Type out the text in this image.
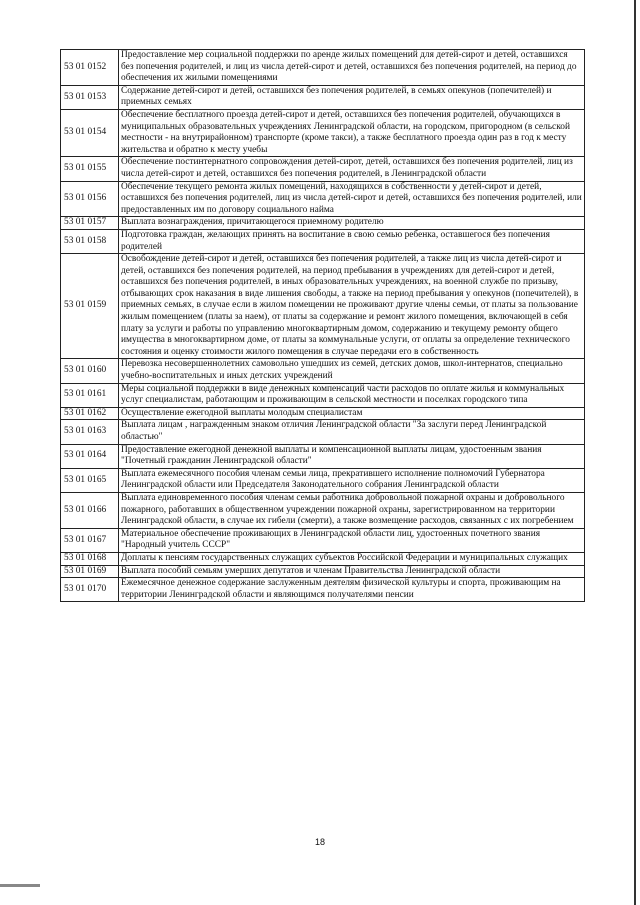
53 01 0152	Предоставление мер социальной поддержки по аренде жилых помещений для детей-сирот и детей, оставшихся без попечения родителей, и лиц из числа детей-сирот и детей, оставшихся без попечения родителей, на период до обеспечения их жилыми помещениями
53 01 0153	Содержание детей-сирот и детей, оставшихся без попечения родителей, в семьях опекунов (попечителей) и приемных семьях
53 01 0154	Обеспечение бесплатного проезда детей-сирот и детей, оставшихся без попечения родителей, обучающихся в муниципальных образовательных учреждениях Ленинградской области, на городском, пригородном (в сельской местности - на внутрирайонном) транспорте (кроме такси), а также бесплатного проезда один раз в год к месту жительства и обратно к месту учебы
53 01 0155	Обеспечение постинтернатного сопровождения детей-сирот, детей, оставшихся без попечения родителей, лиц из числа детей-сирот и детей, оставшихся без попечения родителей, в Ленинградской области
53 01 0156	Обеспечение текущего ремонта жилых помещений, находящихся в собственности у детей-сирот и детей, оставшихся без попечения родителей, лиц из числа детей-сирот и детей, оставшихся без попечения родителей, или предоставленных им по договору социального найма
53 01 0157	Выплата вознаграждения, причитающегося приемному родителю
53 01 0158	Подготовка граждан, желающих принять на воспитание в свою семью ребенка, оставшегося без попечения родителей
53 01 0159	Освобождение детей-сирот и детей, оставшихся без попечения родителей, а также лиц из числа детей-сирот и детей, оставшихся без попечения родителей, на период пребывания в учреждениях для детей-сирот и детей, оставшихся без попечения родителей, в иных образовательных учреждениях, на военной службе по призыву, отбывающих срок наказания в виде лишения свободы, а также на период пребывания у опекунов (попечителей), в приемных семьях, в случае если в жилом помещении не проживают другие члены семьи, от платы за пользование жилым помещением (платы за наем), от платы за содержание и ремонт жилого помещения, включающей в себя плату за услуги и работы по управлению многоквартирным домом, содержанию и текущему ремонту общего имущества в многоквартирном доме, от платы за коммунальные услуги, от оплаты за определение технического состояния и оценку стоимости жилого помещения в случае передачи его в собственность
53 01 0160	Перевозка несовершеннолетних самовольно ушедших из семей, детских домов, школ-интернатов, специально учебно-воспитательных и иных детских учреждений
53 01 0161	Меры социальной поддержки в виде денежных компенсаций части расходов по оплате жилья и коммунальных услуг специалистам, работающим и проживающим в сельской местности и поселках городского типа
53 01 0162	Осуществление ежегодной выплаты молодым специалистам
53 01 0163	Выплата лицам , награжденным знаком отличия Ленинградской области "За заслуги перед Ленинградской областью"
53 01 0164	Предоставление ежегодной денежной выплаты и компенсационной выплаты лицам, удостоенным звания "Почетный гражданин Ленинградской области"
53 01 0165	Выплата ежемесячного пособия членам семьи лица, прекратившего исполнение полномочий Губернатора Ленинградской области или Председателя Законодательного собрания Ленинградской области
53 01 0166	Выплата единовременного пособия членам семьи работника добровольной пожарной охраны и добровольного пожарного, работавших в общественном учреждении пожарной охраны, зарегистрированном на территории Ленинградской области, в случае их гибели (смерти), а также возмещение расходов, связанных с их погребением
53 01 0167	Материальное обеспечение проживающих в Ленинградской области лиц, удостоенных почетного звания "Народный учитель СССР"
53 01 0168	Доплаты к пенсиям государственных служащих субъектов Российской Федерации и муниципальных служащих
53 01 0169	Выплата пособий семьям умерших депутатов и членам Правительства Ленинградской области
53 01 0170	Ежемесячное денежное содержание заслуженным деятелям физической культуры и спорта, проживающим на территории Ленинградской области и являющимся получателями пенсии
18
